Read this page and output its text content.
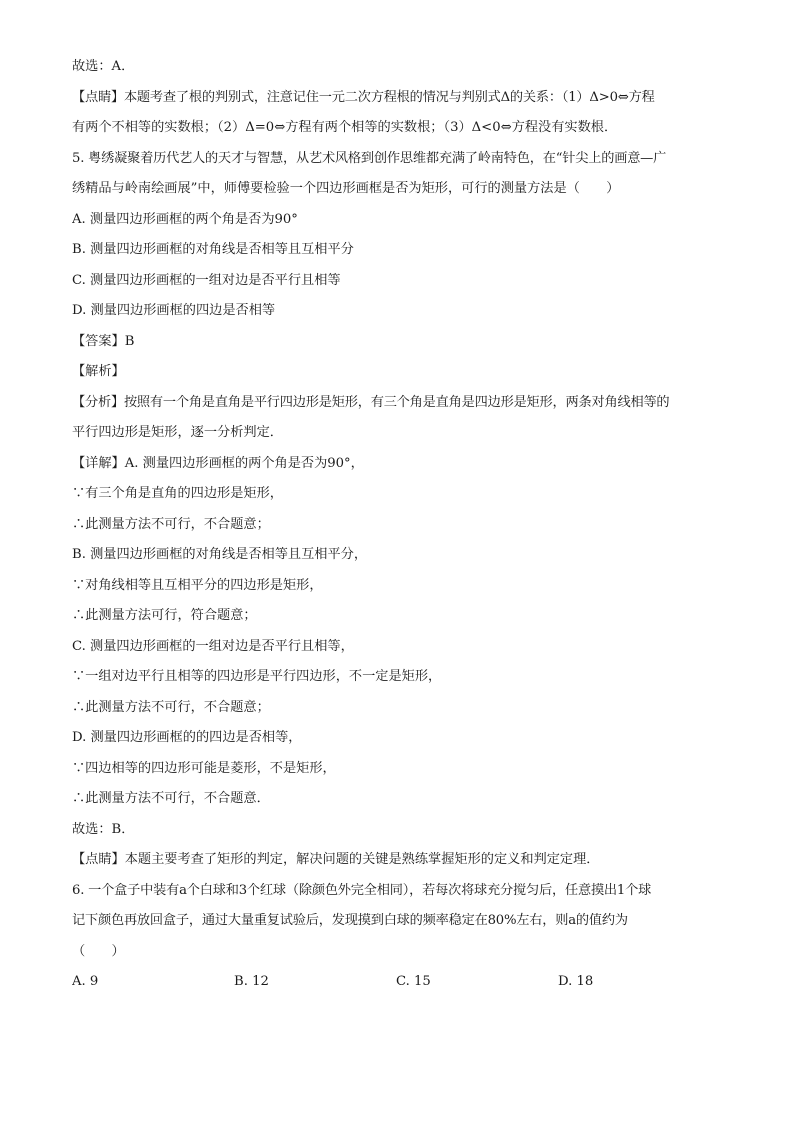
故选：A．
【点睛】本题考查了根的判别式，注意记住一元二次方程根的情况与判别式Δ的关系：（1）Δ>0⇔方程
有两个不相等的实数根；（2）Δ=0⇔方程有两个相等的实数根；（3）Δ<0⇔方程没有实数根．
5. 粤绣凝聚着历代艺人的天才与智慧，从艺术风格到创作思维都充满了岭南特色，在“针尖上的画意—广
绣精品与岭南绘画展”中，师傅要检验一个四边形画框是否为矩形，可行的测量方法是（　　）
A. 测量四边形画框的两个角是否为90°
B. 测量四边形画框的对角线是否相等且互相平分
C. 测量四边形画框的一组对边是否平行且相等
D. 测量四边形画框的四边是否相等
【答案】B
【解析】
【分析】按照有一个角是直角是平行四边形是矩形，有三个角是直角是四边形是矩形，两条对角线相等的
平行四边形是矩形，逐一分析判定．
【详解】A. 测量四边形画框的两个角是否为90°，
∵有三个角是直角的四边形是矩形，
∴此测量方法不可行，不合题意；
B. 测量四边形画框的对角线是否相等且互相平分，
∵对角线相等且互相平分的四边形是矩形，
∴此测量方法可行，符合题意；
C. 测量四边形画框的一组对边是否平行且相等，
∵一组对边平行且相等的四边形是平行四边形，不一定是矩形，
∴此测量方法不可行，不合题意；
D. 测量四边形画框的的四边是否相等，
∵四边相等的四边形可能是菱形，不是矩形，
∴此测量方法不可行，不合题意．
故选：B．
【点睛】本题主要考查了矩形的判定，解决问题的关键是熟练掌握矩形的定义和判定定理．
6. 一个盒子中装有a个白球和3个红球（除颜色外完全相同），若每次将球充分搅匀后，任意摸出1个球
记下颜色再放回盒子，通过大量重复试验后，发现摸到白球的频率稳定在80%左右，则a的值约为
（　　）
A. 9	B. 12	C. 15	D. 18
